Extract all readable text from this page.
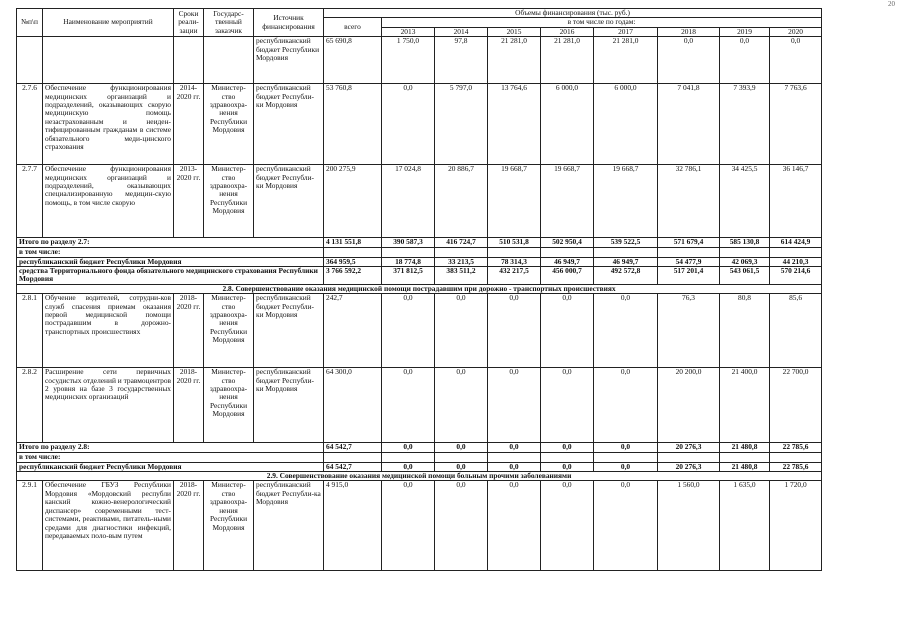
20
№п\п	Наименование мероприятий	Сроки реали-зации	Государс-твенный заказчик	Источник финансирования	Объемы финансирования (тыс. руб.)								
					всего	в том числе по годам:							
						2013	2014	2015	2016	2017	2018	2019	2020
				республиканский бюджет Республики Мордовия	65 690,8	1 750,0	97,8	21 281,0	21 281,0	21 281,0	0,0	0,0	0,0
2.7.6	Обеспечение функционирования медицинских организаций и подразделений, оказывающих скорую медицинскую помощь незастрахованным и неиден-тифицированным гражданам в системе обязательного меди-цинского страхования	2014-2020 гг.	Министер-ство здравоохра-нения Республики Мордовия	республиканский бюджет Республи-ки Мордовия	53 760,8	0,0	5 797,0	13 764,6	6 000,0	6 000,0	7 041,8	7 393,9	7 763,6
2.7.7	Обеспечение функционирования медицинских организаций и подразделений, оказывающих специализированную медицин-скую помощь, в том числе скорую	2013-2020 гг.	Министер-ство здравоохра-нения Республики Мордовия	республиканский бюджет Республи-ки Мордовия	200 275,9	17 024,8	20 886,7	19 668,7	19 668,7	19 668,7	32 786,1	34 425,5	36 146,7
Итого по разделу 2.7:					4 131 551,8	390 587,3	416 724,7	510 531,8	502 950,4	539 522,5	571 679,4	585 130,8	614 424,9
в том числе:													
республиканский бюджет Республики Мордовия					364 959,5	18 774,8	33 213,5	78 314,3	46 949,7	46 949,7	54 477,9	42 069,3	44 210,3
средства Территориального фонда обязательного медицинского страхования Республики Мордовия					3 766 592,2	371 812,5	383 511,2	432 217,5	456 000,7	492 572,8	517 201,4	543 061,5	570 214,6
2.8. Совершенствование оказания медицинской помощи пострадавшим при дорожно - транспортных происшествиях													
2.8.1	Обучение водителей, сотрудни-ков служб спасения приемам оказания первой медицинской помощи пострадавшим в дорожно-транспортных происшествиях	2018-2020 гг.	Министер-ство здравоохра-нения Республики Мордовия	республиканский бюджет Республи-ки Мордовия	242,7	0,0	0,0	0,0	0,0	0,0	76,3	80,8	85,6
2.8.2	Расширение сети первичных сосудистых отделений и травмоцентров 2 уровня на базе 3 государственных медицинских организаций	2018-2020 гг.	Министер-ство здравоохра-нения Республики Мордовия	республиканский бюджет Республи-ки Мордовия	64 300,0	0,0	0,0	0,0	0,0	0,0	20 200,0	21 400,0	22 700,0
Итого по разделу 2.8:					64 542,7	0,0	0,0	0,0	0,0	0,0	20 276,3	21 480,8	22 785,6
в том числе:													
республиканский бюджет Республики Мордовия					64 542,7	0,0	0,0	0,0	0,0	0,0	20 276,3	21 480,8	22 785,6
2.9. Совершенствование оказания медицинской помощи больным прочими заболеваниями													
2.9.1	Обеспечение ГБУЗ Республики Мордовия «Мордовский республи канский кожно-венерологический диспансер» современными тест-системами, реактивами, питатель-ными средами для диагностики инфекций, передаваемых поло-вым путем	2018-2020 гг.	Министер-ство здравоохра-нения Республики Мордовия	республиканский бюджет Республи-ка Мордовия	4 915,0	0,0	0,0	0,0	0,0	0,0	1 560,0	1 635,0	1 720,0
